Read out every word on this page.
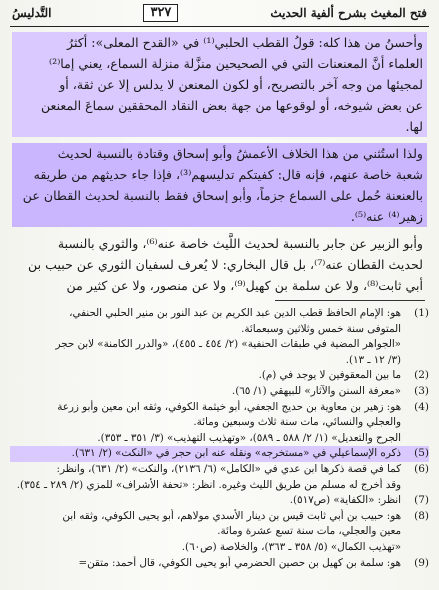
فتح المغيث بشرح ألفية الحديث
٣٢٧
التَّدليسُ
وأحسنُ من هذا كله: قولُ القطب الحلبي⁽¹⁾ في «القدح المعلى»: أكثرُ
العلماء أنَّ المعنعنات التي في الصحيحين منزَّلة منزلة السماع، يعني إما⁽²⁾
لمجيئها من وجه آخر بالتصريح، أو لكون المعنعن لا يدلس إلا عن ثقة، أو
عن بعض شيوخه، أو لوقوعها من جهة بعض النقاد المحققين سماعَ المعنعن
لها.
ولذا استُثني من هذا الخلاف الأعمشُ وأبو إسحاق وقتادة بالنسبة لحديث
شعبة خاصة عنهم، فإنه قال: كفيتكم تدليسهم⁽³⁾، فإذا جاء حديثهم من طريقه
بالعنعنة حُمل على السماع جزماً، وأبو إسحاق فقط بالنسبة لحديث القطان عن
زهير⁽⁴⁾ عنه⁽⁵⁾.
وأبو الزبير عن جابر بالنسبة لحديث اللَّيث خاصة عنه⁽⁶⁾، والثوري بالنسبة
لحديث القطان عنه⁽⁷⁾، بل قال البخاري: لا يُعرف لسفيان الثوري عن حبيب بن
أبي ثابت⁽⁸⁾، ولا عن سلمة بن كهيل⁽⁹⁾، ولا عن منصور، ولا عن كثير من
(1)
هو: الإمام الحافظ قطب الدين عبد الكريم بن عبد النور بن منير الحلبي الحنفي،
المتوفى سنة خمس وثلاثين وسبعمائة.
«الجواهر المضية في طبقات الحنفية» (٢/ ٤٥٤ ـ ٤٥٥)، «والدرر الكامنة» لابن حجر
(٣/ ١٢ ـ ١٣).
(2)
ما بين المعقوفين لا يوجد في (م).
(3)
«معرفة السنن والآثار» للبيهقي (١/ ٦٥).
(4)
هو: زهير بن معاوية بن حديج الجعفي، أبو خيثمة الكوفي، وثقه ابن معين وأبو زرعة
والعجلي والنسائي، مات سنة ثلاث وسبعين ومائة.
الجرح والتعديل» (١/ ٢/ ٥٨٨ ـ ٥٨٩)، «وتهذيب التهذيب» (٣/ ٣٥١ ـ ٣٥٣).
(5)
ذكره الإسماعيلي في «مستخرجه» ونقله عنه ابن حجر في «النكت» (٢/ ٦٣١).
(6)
كما في قصة ذكرها ابن عدي في «الكامل» (٦/ ٢١٣٦)، والنكت» (٢/ ٦٣١)، وانظر:
وقد أخرج له مسلم من طريق الليث وغيره. انظر: «تحفة الأشراف» للمزي (٢/ ٢٨٩ ـ ٣٥٤).
(7)
انظر: «الكفاية» (ص٥١٧).
(8)
هو: حبيب بن أبي ثابت قيس بن دينار الأسدي مولاهم، أبو يحيى الكوفي، وثقه ابن
معين والعجلي، مات سنة تسع عشرة ومائة.
«تهذيب الكمال» (٥/ ٣٥٨ ـ ٣٦٣)، والخلاصة (ص٦٠).
(9)
هو: سلمة بن كهيل بن حصين الحضرمي أبو يحيى الكوفي، قال أحمد: متقن=
